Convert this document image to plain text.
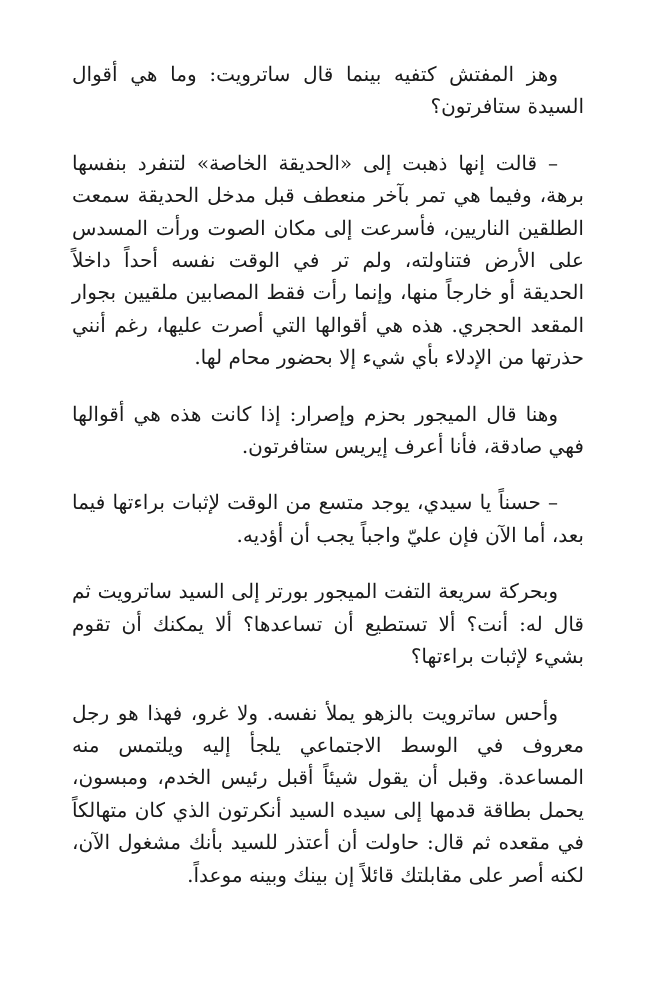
وهز المفتش كتفيه بينما قال ساترويت: وما هي أقوال السيدة ستافرتون؟

– قالت إنها ذهبت إلى «الحديقة الخاصة» لتنفرد بنفسها برهة، وفيما هي تمر بآخر منعطف قبل مدخل الحديقة سمعت الطلقين الناريين، فأسرعت إلى مكان الصوت ورأت المسدس على الأرض فتناولته، ولم تر في الوقت نفسه أحداً داخلاً الحديقة أو خارجاً منها، وإنما رأت فقط المصابين ملقيين بجوار المقعد الحجري. هذه هي أقوالها التي أصرت عليها، رغم أنني حذرتها من الإدلاء بأي شيء إلا بحضور محام لها.

وهنا قال الميجور بحزم وإصرار: إذا كانت هذه هي أقوالها فهي صادقة، فأنا أعرف إيريس ستافرتون.

– حسناً يا سيدي، يوجد متسع من الوقت لإثبات براءتها فيما بعد، أما الآن فإن عليّ واجباً يجب أن أؤديه.

وبحركة سريعة التفت الميجور بورتر إلى السيد ساترويت ثم قال له: أنت؟ ألا تستطيع أن تساعدها؟ ألا يمكنك أن تقوم بشيء لإثبات براءتها؟

وأحس ساترويت بالزهو يملأ نفسه. ولا غرو، فهذا هو رجل معروف في الوسط الاجتماعي يلجأ إليه ويلتمس منه المساعدة. وقبل أن يقول شيئاً أقبل رئيس الخدم، ومبسون، يحمل بطاقة قدمها إلى سيده السيد أنكرتون الذي كان متهالكاً في مقعده ثم قال: حاولت أن أعتذر للسيد بأنك مشغول الآن، لكنه أصر على مقابلتك قائلاً إن بينك وبينه موعداً.
